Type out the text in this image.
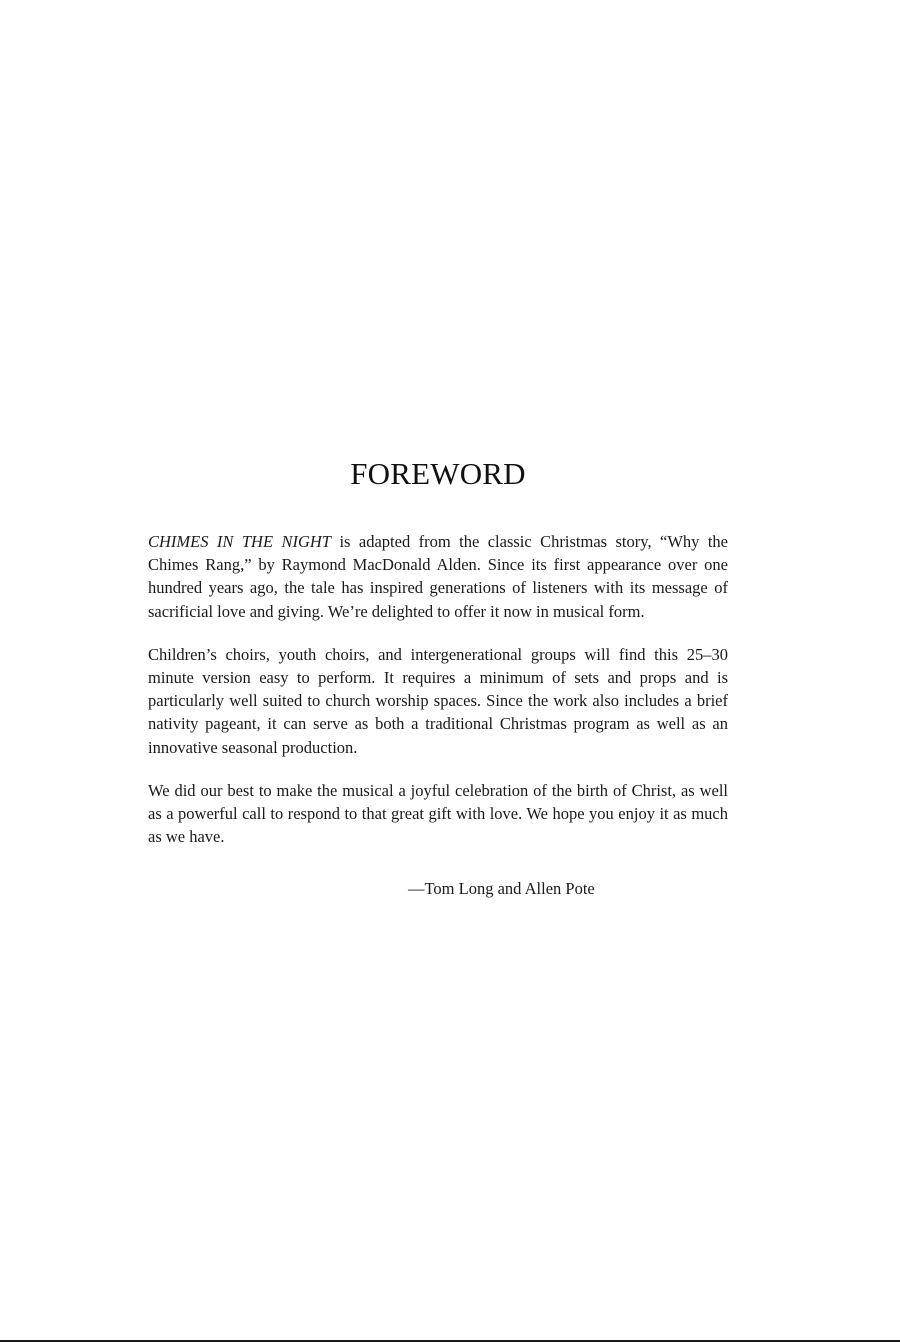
FOREWORD

CHIMES IN THE NIGHT is adapted from the classic Christmas story, “Why the Chimes Rang,” by Raymond MacDonald Alden. Since its first appearance over one hundred years ago, the tale has inspired generations of listeners with its message of sacrificial love and giving. We’re delighted to offer it now in musical form.

Children’s choirs, youth choirs, and intergenerational groups will find this 25–30 minute version easy to perform. It requires a minimum of sets and props and is particularly well suited to church worship spaces. Since the work also includes a brief nativity pageant, it can serve as both a traditional Christmas program as well as an innovative seasonal production.

We did our best to make the musical a joyful celebration of the birth of Christ, as well as a powerful call to respond to that great gift with love. We hope you enjoy it as much as we have.

—Tom Long and Allen Pote
